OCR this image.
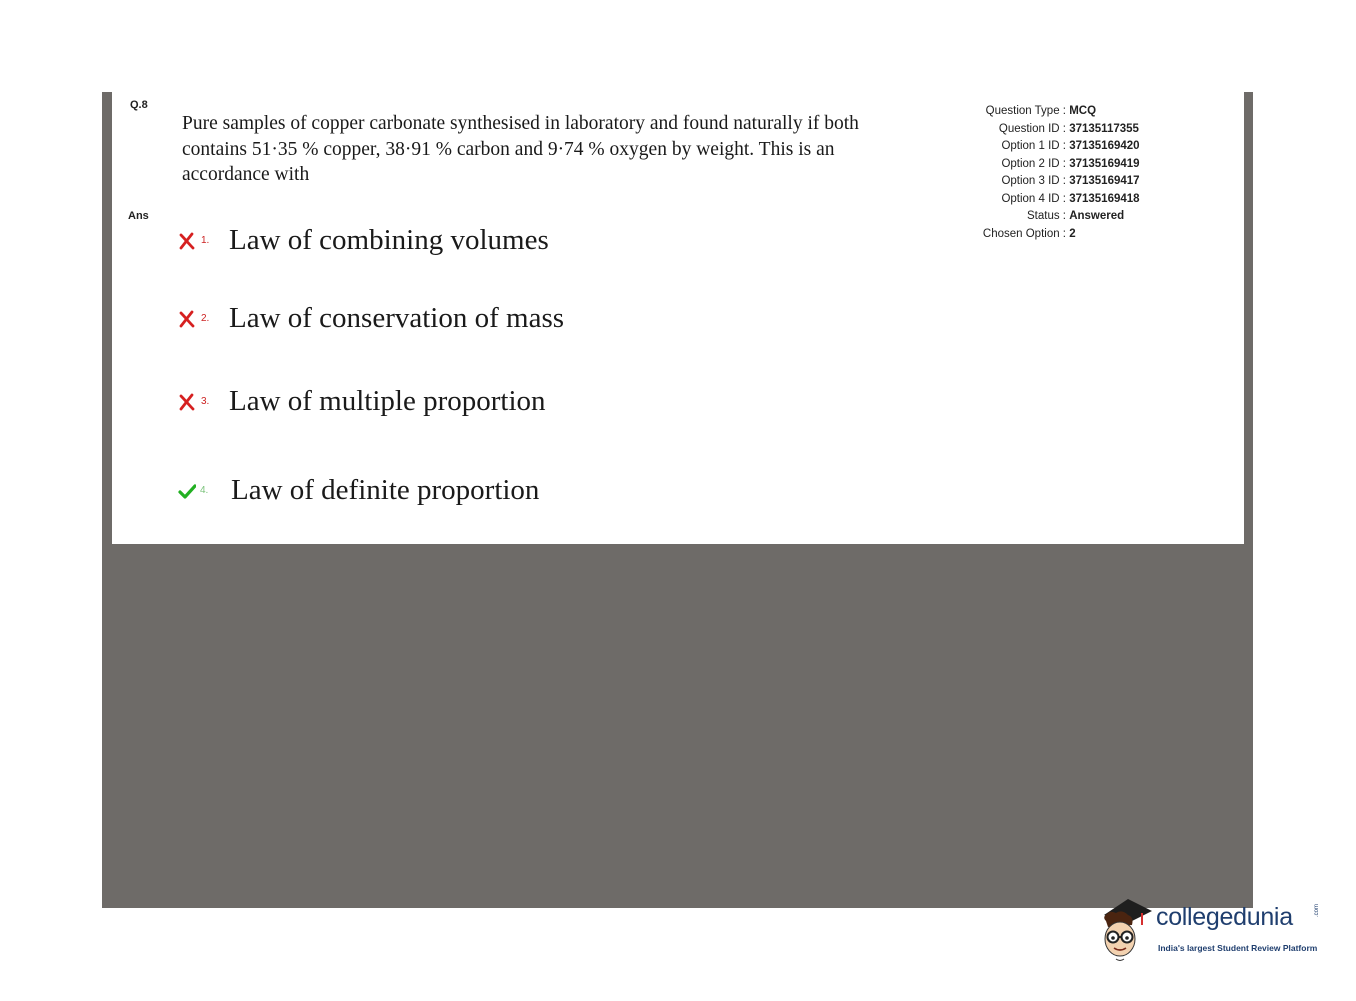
Q.8
Pure samples of copper carbonate synthesised in laboratory and found naturally if both contains 51·35 % copper, 38·91 % carbon and 9·74 % oxygen by weight. This is an accordance with
Ans
1. Law of combining volumes
2. Law of conservation of mass
3. Law of multiple proportion
4. Law of definite proportion
Question Type : MCQ
Question ID : 37135117355
Option 1 ID : 37135169420
Option 2 ID : 37135169419
Option 3 ID : 37135169417
Option 4 ID : 37135169418
Status : Answered
Chosen Option : 2
collegedunia	.com
India's largest Student Review Platform
